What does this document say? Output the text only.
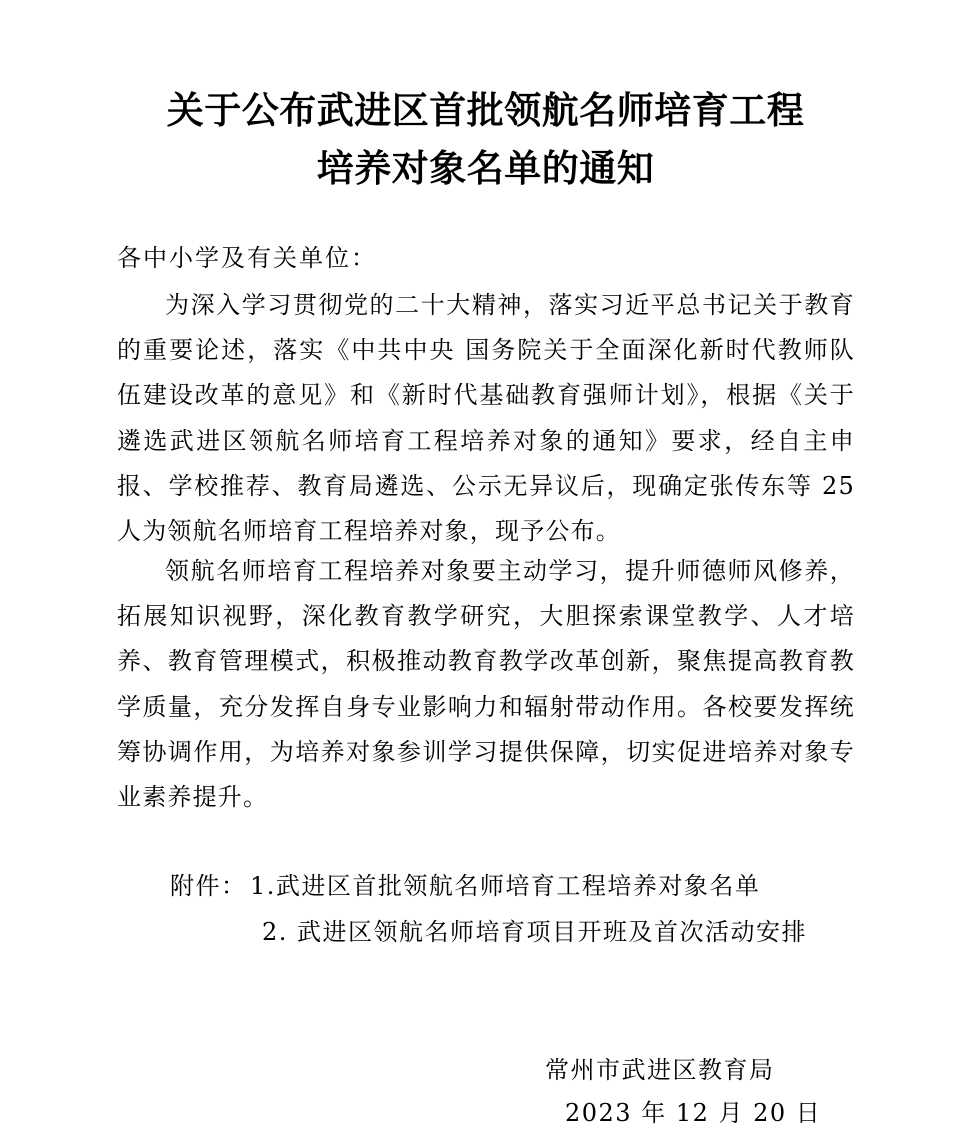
关于公布武进区首批领航名师培育工程
培养对象名单的通知
各中小学及有关单位：

为深入学习贯彻党的二十大精神，落实习近平总书记关于教育的重要论述，落实《中共中央 国务院关于全面深化新时代教师队伍建设改革的意见》和《新时代基础教育强师计划》，根据《关于遴选武进区领航名师培育工程培养对象的通知》要求，经自主申报、学校推荐、教育局遴选、公示无异议后，现确定张传东等 25 人为领航名师培育工程培养对象，现予公布。

领航名师培育工程培养对象要主动学习，提升师德师风修养，拓展知识视野，深化教育教学研究，大胆探索课堂教学、人才培养、教育管理模式，积极推动教育教学改革创新，聚焦提高教育教学质量，充分发挥自身专业影响力和辐射带动作用。各校要发挥统筹协调作用，为培养对象参训学习提供保障，切实促进培养对象专业素养提升。

附件： 1.武进区首批领航名师培育工程培养对象名单
2. 武进区领航名师培育项目开班及首次活动安排
常州市武进区教育局
2023 年 12 月 20 日
